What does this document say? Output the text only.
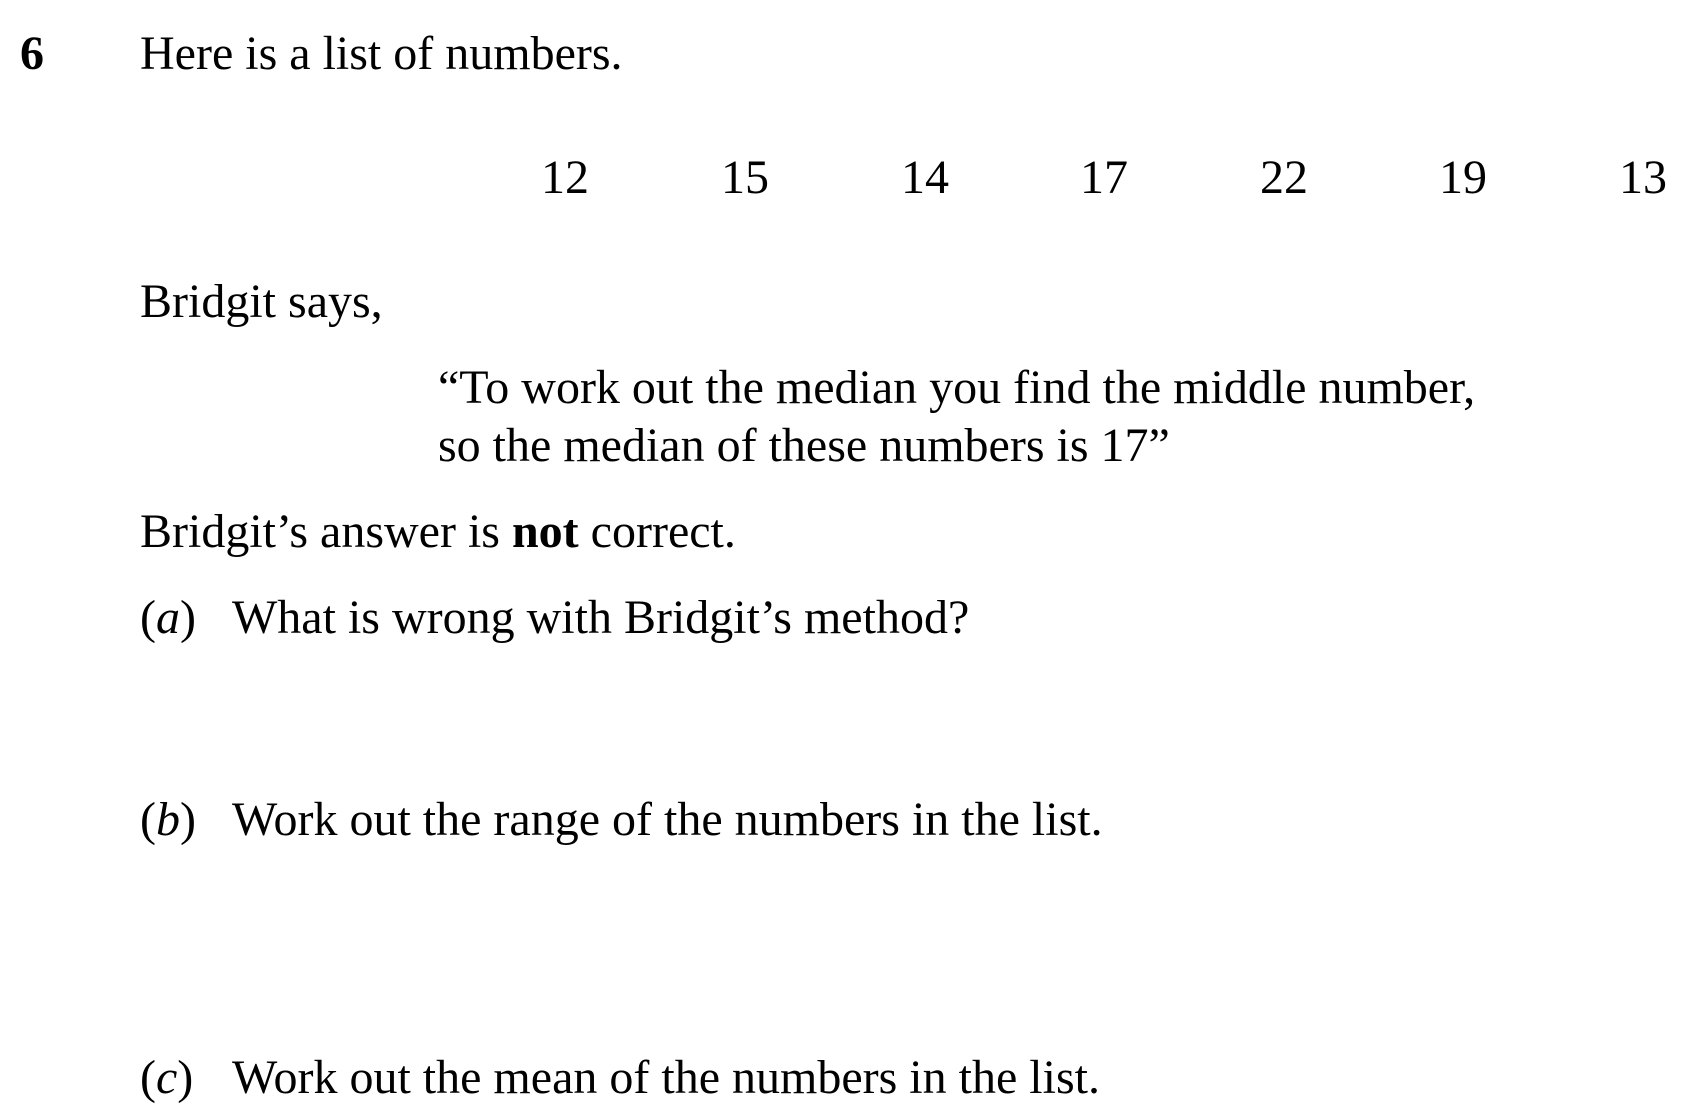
6 Here is a list of numbers.
12	15	14	17	22	19	13
Bridgit says,
“To work out the median you find the middle number,
so the median of these numbers is 17”
Bridgit’s answer is not correct.
(a) What is wrong with Bridgit’s method?
(b) Work out the range of the numbers in the list.
(c) Work out the mean of the numbers in the list.
